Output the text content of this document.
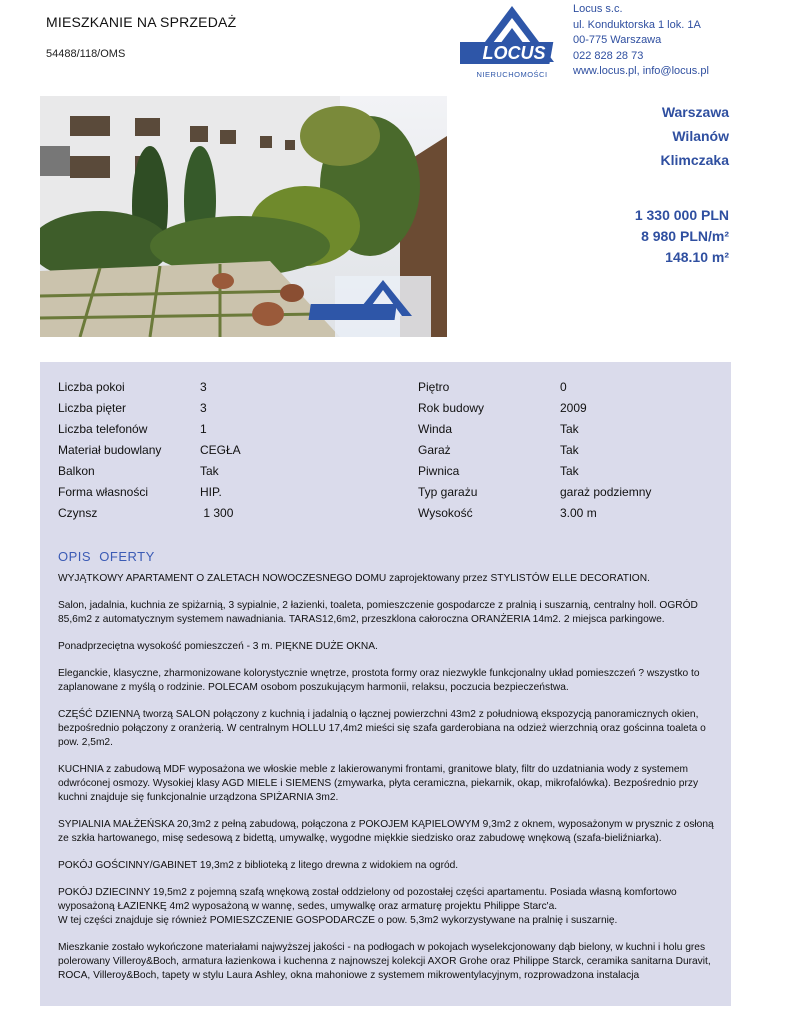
MIESZKANIE NA SPRZEDAŻ
54488/118/OMS	LOCUS
NIERUCHOMOŚCI
Locus s.c.
ul. Konduktorska 1 lok. 1A
00-775 Warszawa
022 828 28 73
www.locus.pl, info@locus.pl
Warszawa
Wilanów
Klimczaka
1 330 000 PLN
8 980 PLN/m²
148.10 m²
Liczba pokoi	3
Liczba pięter	3
Liczba telefonów	1
Materiał budowlany	CEGŁA
Balkon	Tak
Forma własności	HIP.
Czynsz	1 300
Piętro	0
Rok budowy	2009
Winda	Tak
Garaż	Tak
Piwnica	Tak
Typ garażu	garaż podziemny
Wysokość	3.00 m
OPIS  OFERTY

WYJĄTKOWY APARTAMENT O ZALETACH NOWOCZESNEGO DOMU zaprojektowany przez STYLISTÓW ELLE DECORATION.

Salon, jadalnia, kuchnia ze spiżarnią, 3 sypialnie, 2 łazienki, toaleta, pomieszczenie gospodarcze z pralnią i suszarnią, centralny holl. OGRÓD 85,6m2 z automatycznym systemem nawadniania. TARAS12,6m2, przeszklona całoroczna ORANŻERIA 14m2. 2 miejsca parkingowe.

Ponadprzeciętna wysokość pomieszczeń - 3 m. PIĘKNE DUŻE OKNA.

Eleganckie, klasyczne, zharmonizowane kolorystycznie wnętrze, prostota formy oraz niezwykle funkcjonalny układ pomieszczeń ? wszystko to zaplanowane z myślą o rodzinie. POLECAM osobom poszukującym harmonii, relaksu, poczucia bezpieczeństwa.

CZĘŚĆ DZIENNĄ tworzą SALON połączony z kuchnią i jadalnią o łącznej powierzchni 43m2 z południową ekspozycją panoramicznych okien, bezpośrednio połączony z oranżerią. W centralnym HOLLU 17,4m2 mieści się szafa garderobiana na odzież wierzchnią oraz gościnna toaleta o pow. 2,5m2.

KUCHNIA z zabudową MDF wyposażona we włoskie meble z lakierowanymi frontami, granitowe blaty, filtr do uzdatniania wody z systemem odwróconej osmozy. Wysokiej klasy AGD MIELE i SIEMENS (zmywarka, płyta ceramiczna, piekarnik, okap, mikrofalówka). Bezpośrednio przy kuchni znajduje się funkcjonalnie urządzona SPIŻARNIA 3m2.

SYPIALNIA MAŁŻEŃSKA 20,3m2 z pełną zabudową, połączona z POKOJEM KĄPIELOWYM 9,3m2 z oknem, wyposażonym w prysznic z osłoną ze szkła hartowanego, misę sedesową z bidettą, umywalkę, wygodne miękkie siedzisko oraz zabudowę wnękową (szafa-bieliźniarka).

POKÓJ GOŚCINNY/GABINET 19,3m2 z biblioteką z litego drewna z widokiem na ogród.

POKÓJ DZIECINNY 19,5m2 z pojemną szafą wnękową został oddzielony od pozostałej części apartamentu. Posiada własną komfortowo wyposażoną ŁAZIENKĘ 4m2 wyposażoną w wannę, sedes, umywalkę oraz armaturę projektu Philippe Starc'a.
W tej części znajduje się również POMIESZCZENIE GOSPODARCZE o pow. 5,3m2 wykorzystywane na pralnię i suszarnię.

Mieszkanie zostało wykończone materiałami najwyższej jakości - na podłogach w pokojach wyselekcjonowany dąb bielony, w kuchni i holu gres polerowany Villeroy&Boch, armatura łazienkowa i kuchenna z najnowszej kolekcji AXOR Grohe oraz Philippe Starck, ceramika sanitarna Duravit, ROCA, Villeroy&Boch, tapety w stylu Laura Ashley, okna mahoniowe z systemem mikrowentylacyjnym, rozprowadzona instalacja
